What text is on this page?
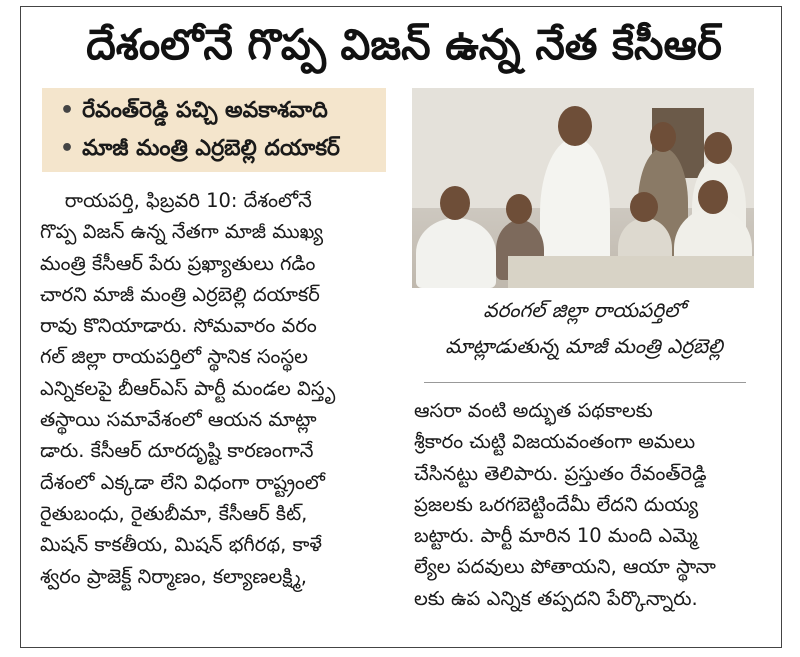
దేశంలోనే గొప్ప విజన్ ఉన్న నేత కేసీఆర్
• రేవంత్‌రెడ్డి పచ్చి అవకాశవాది
• మాజీ మంత్రి ఎర్రబెల్లి దయాకర్
వరంగల్ జిల్లా రాయపర్తిలో
మాట్లాడుతున్న మాజీ మంత్రి ఎర్రబెల్లి
రాయపర్తి, ఫిబ్రవరి 10: దేశంలోనే
గొప్ప విజన్ ఉన్న నేతగా మాజీ ముఖ్య
మంత్రి కేసీఆర్ పేరు ప్రఖ్యాతులు గడిం
చారని మాజీ మంత్రి ఎర్రబెల్లి దయాకర్
రావు కొనియాడారు. సోమవారం వరం
గల్ జిల్లా రాయపర్తిలో స్థానిక సంస్థల
ఎన్నికలపై బీఆర్ఎస్ పార్టీ మండల విస్తృ
తస్థాయి సమావేశంలో ఆయన మాట్లా
డారు. కేసీఆర్ దూరదృష్టి కారణంగానే
దేశంలో ఎక్కడా లేని విధంగా రాష్ట్రంలో
రైతుబంధు, రైతుబీమా, కేసీఆర్ కిట్,
మిషన్ కాకతీయ, మిషన్ భగీరథ, కాళే
శ్వరం ప్రాజెక్ట్ నిర్మాణం, కల్యాణలక్ష్మి,
ఆసరా వంటి అద్భుత పథకాలకు
శ్రీకారం చుట్టి విజయవంతంగా అమలు
చేసినట్టు తెలిపారు. ప్రస్తుతం రేవంత్‌రెడ్డి
ప్రజలకు ఒరగబెట్టిందేమీ లేదని దుయ్య
బట్టారు. పార్టీ మారిన 10 మంది ఎమ్మె
ల్యేల పదవులు పోతాయని, ఆయా స్థానా
లకు ఉప ఎన్నిక తప్పదని పేర్కొన్నారు.
